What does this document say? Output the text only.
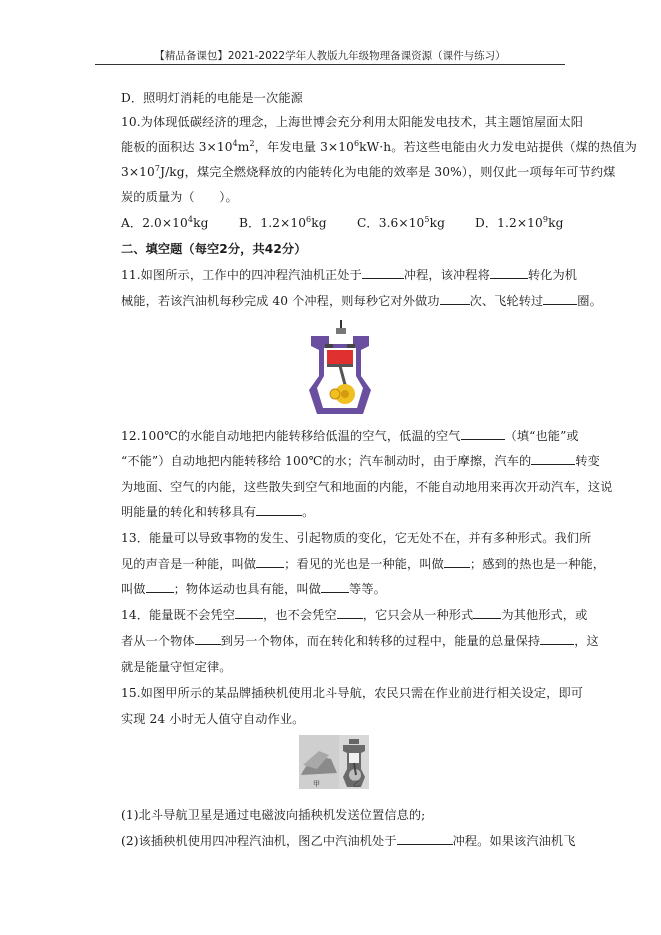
【精品备课包】2021-2022学年人教版九年级物理备课资源（课件与练习）
D．照明灯消耗的电能是一次能源
10.为体现低碳经济的理念，上海世博会充分利用太阳能发电技术，其主题馆屋面太阳
能板的面积达 $3\times 10^4m^2$，年发电量 $3\times 10^6kW\cdot h$。若这些电能由火力发电站提供（煤的热值为
$3\times 10^7J/kg$，煤完全燃烧释放的内能转化为电能的效率是 30%），则仅此一项每年可节约煤
炭的质量为（　　）。
A．$2.0\times 10^4kg$	B．$1.2\times 10^6kg$ C．$3.6\times 10^5kg$ D．$1.2\times 10^9kg$
二、填空题（每空2分，共42分）
11.如图所示，工作中的四冲程汽油机正处于	冲程，该冲程将	转化为机
械能，若该汽油机每秒完成 40 个冲程，则每秒它对外做功 次、飞轮转过	圈。
12.100℃的水能自动地把内能转移给低温的空气，低温的空气	（填“也能”或
“不能”）自动地把内能转移给 100℃的水；汽车制动时，由于摩擦，汽车的	转变
为地面、空气的内能，这些散失到空气和地面的内能，不能自动地用来再次开动汽车，这说
明能量的转化和转移具有	。
13．能量可以导致事物的发生、引起物质的变化，它无处不在，并有多种形式。我们所
见的声音是一种能，叫做 ；看见的光也是一种能，叫做 ；感到的热也是一种能，
叫做 ；物体运动也具有能，叫做 等等。
14．能量既不会凭空 ，也不会凭空 ，它只会从一种形式 为其他形式，或
者从一个物体 到另一个物体，而在转化和转移的过程中，能量的总量保持	，这
就是能量守恒定律。
15.如图甲所示的某品牌插秧机使用北斗导航，农民只需在作业前进行相关设定，即可
实现 24 小时无人值守自动作业。
甲	乙
(1)北斗导航卫星是通过电磁波向插秧机发送位置信息的;
(2)该插秧机使用四冲程汽油机，图乙中汽油机处于	冲程。如果该汽油机飞
